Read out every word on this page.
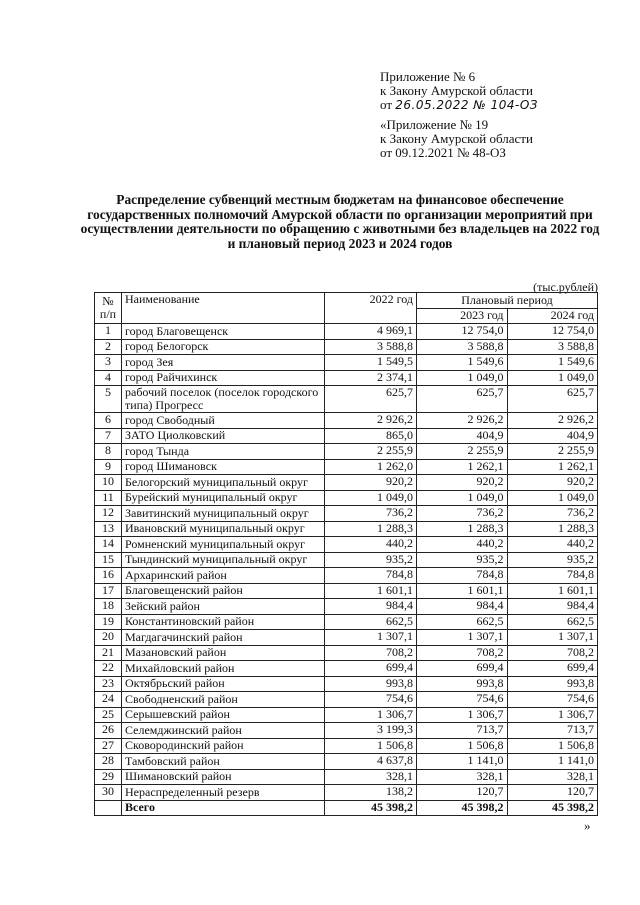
Приложение № 6
к Закону Амурской области
от 26.05.2022 № 104-ОЗ
«Приложение № 19
к Закону Амурской области
от 09.12.2021 № 48-ОЗ
Распределение субвенций местным бюджетам на финансовое обеспечение государственных полномочий Амурской области по организации мероприятий при осуществлении деятельности по обращению с животными без владельцев на 2022 год и плановый период 2023 и 2024 годов
(тыс.рублей)
№
п/п	Наименование	2022 год	Плановый период	
			2023 год	2024 год
1	город Благовещенск	4 969,1	12 754,0	12 754,0
2	город Белогорск	3 588,8	3 588,8	3 588,8
3	город Зея	1 549,5	1 549,6	1 549,6
4	город Райчихинск	2 374,1	1 049,0	1 049,0
5	рабочий поселок (поселок городского типа) Прогресс	625,7	625,7	625,7
6	город Свободный	2 926,2	2 926,2	2 926,2
7	ЗАТО Циолковский	865,0	404,9	404,9
8	город Тында	2 255,9	2 255,9	2 255,9
9	город Шимановск	1 262,0	1 262,1	1 262,1
10	Белогорский муниципальный округ	920,2	920,2	920,2
11	Бурейский муниципальный округ	1 049,0	1 049,0	1 049,0
12	Завитинский муниципальный округ	736,2	736,2	736,2
13	Ивановский муниципальный округ	1 288,3	1 288,3	1 288,3
14	Ромненский муниципальный округ	440,2	440,2	440,2
15	Тындинский муниципальный округ	935,2	935,2	935,2
16	Архаринский район	784,8	784,8	784,8
17	Благовещенский район	1 601,1	1 601,1	1 601,1
18	Зейский район	984,4	984,4	984,4
19	Константиновский район	662,5	662,5	662,5
20	Магдагачинский район	1 307,1	1 307,1	1 307,1
21	Мазановский район	708,2	708,2	708,2
22	Михайловский район	699,4	699,4	699,4
23	Октябрьский район	993,8	993,8	993,8
24	Свободненский район	754,6	754,6	754,6
25	Серышевский район	1 306,7	1 306,7	1 306,7
26	Селемджинский район	3 199,3	713,7	713,7
27	Сковородинский район	1 506,8	1 506,8	1 506,8
28	Тамбовский район	4 637,8	1 141,0	1 141,0
29	Шимановский район	328,1	328,1	328,1
30	Нераспределенный резерв	138,2	120,7	120,7
	Всего	45 398,2	45 398,2	45 398,2
»
